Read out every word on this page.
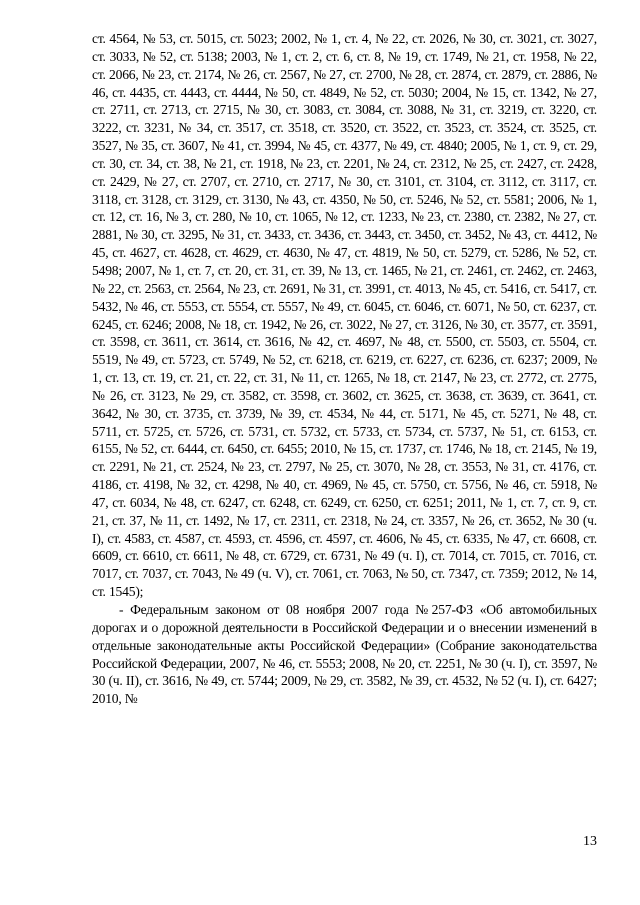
ст. 4564, № 53, ст. 5015, ст. 5023; 2002, № 1, ст. 4, № 22, ст. 2026, № 30, ст. 3021, ст. 3027, ст. 3033, № 52, ст. 5138; 2003, № 1, ст. 2, ст. 6, ст. 8, № 19, ст. 1749, № 21, ст. 1958, № 22, ст. 2066, № 23, ст. 2174, № 26, ст. 2567, № 27, ст. 2700, № 28, ст. 2874, ст. 2879, ст. 2886, № 46, ст. 4435, ст. 4443, ст. 4444, № 50, ст. 4849, № 52, ст. 5030; 2004, № 15, ст. 1342, № 27, ст. 2711, ст. 2713, ст. 2715, № 30, ст. 3083, ст. 3084, ст. 3088, № 31, ст. 3219, ст. 3220, ст. 3222, ст. 3231, № 34, ст. 3517, ст. 3518, ст. 3520, ст. 3522, ст. 3523, ст. 3524, ст. 3525, ст. 3527, № 35, ст. 3607, № 41, ст. 3994, № 45, ст. 4377, № 49, ст. 4840; 2005, № 1, ст. 9, ст. 29, ст. 30, ст. 34, ст. 38, № 21, ст. 1918, № 23, ст. 2201, № 24, ст. 2312, № 25, ст. 2427, ст. 2428, ст. 2429, № 27, ст. 2707, ст. 2710, ст. 2717, № 30, ст. 3101, ст. 3104, ст. 3112, ст. 3117, ст. 3118, ст. 3128, ст. 3129, ст. 3130, № 43, ст. 4350, № 50, ст. 5246, № 52, ст. 5581; 2006, № 1, ст. 12, ст. 16, № 3, ст. 280, № 10, ст. 1065, № 12, ст. 1233, № 23, ст. 2380, ст. 2382, № 27, ст. 2881, № 30, ст. 3295, № 31, ст. 3433, ст. 3436, ст. 3443, ст. 3450, ст. 3452, № 43, ст. 4412, № 45, ст. 4627, ст. 4628, ст. 4629, ст. 4630, № 47, ст. 4819, № 50, ст. 5279, ст. 5286, № 52, ст. 5498; 2007, № 1, ст. 7, ст. 20, ст. 31, ст. 39, № 13, ст. 1465, № 21, ст. 2461, ст. 2462, ст. 2463, № 22, ст. 2563, ст. 2564, № 23, ст. 2691, № 31, ст. 3991, ст. 4013, № 45, ст. 5416, ст. 5417, ст. 5432, № 46, ст. 5553, ст. 5554, ст. 5557, № 49, ст. 6045, ст. 6046, ст. 6071, № 50, ст. 6237, ст. 6245, ст. 6246; 2008, № 18, ст. 1942, № 26, ст. 3022, № 27, ст. 3126, № 30, ст. 3577, ст. 3591, ст. 3598, ст. 3611, ст. 3614, ст. 3616, № 42, ст. 4697, № 48, ст. 5500, ст. 5503, ст. 5504, ст. 5519, № 49, ст. 5723, ст. 5749, № 52, ст. 6218, ст. 6219, ст. 6227, ст. 6236, ст. 6237; 2009, № 1, ст. 13, ст. 19, ст. 21, ст. 22, ст. 31, № 11, ст. 1265, № 18, ст. 2147, № 23, ст. 2772, ст. 2775, № 26, ст. 3123, № 29, ст. 3582, ст. 3598, ст. 3602, ст. 3625, ст. 3638, ст. 3639, ст. 3641, ст. 3642, № 30, ст. 3735, ст. 3739, № 39, ст. 4534, № 44, ст. 5171, № 45, ст. 5271, № 48, ст. 5711, ст. 5725, ст. 5726, ст. 5731, ст. 5732, ст. 5733, ст. 5734, ст. 5737, № 51, ст. 6153, ст. 6155, № 52, ст. 6444, ст. 6450, ст. 6455; 2010, № 15, ст. 1737, ст. 1746, № 18, ст. 2145, № 19, ст. 2291, № 21, ст. 2524, № 23, ст. 2797, № 25, ст. 3070, № 28, ст. 3553, № 31, ст. 4176, ст. 4186, ст. 4198, № 32, ст. 4298, № 40, ст. 4969, № 45, ст. 5750, ст. 5756, № 46, ст. 5918, № 47, ст. 6034, № 48, ст. 6247, ст. 6248, ст. 6249, ст. 6250, ст. 6251; 2011, № 1, ст. 7, ст. 9, ст. 21, ст. 37, № 11, ст. 1492, № 17, ст. 2311, ст. 2318, № 24, ст. 3357, № 26, ст. 3652, № 30 (ч. I), ст. 4583, ст. 4587, ст. 4593, ст. 4596, ст. 4597, ст. 4606, № 45, ст. 6335, № 47, ст. 6608, ст. 6609, ст. 6610, ст. 6611, № 48, ст. 6729, ст. 6731, № 49 (ч. I), ст. 7014, ст. 7015, ст. 7016, ст. 7017, ст. 7037, ст. 7043, № 49 (ч. V), ст. 7061, ст. 7063, № 50, ст. 7347, ст. 7359; 2012, № 14, ст. 1545);

- Федеральным законом от 08 ноября 2007 года №257-ФЗ «Об автомобильных дорогах и о дорожной деятельности в Российской Федерации и о внесении изменений в отдельные законодательные акты Российской Федерации» (Собрание законодательства Российской Федерации, 2007, № 46, ст. 5553; 2008, № 20, ст. 2251, № 30 (ч. I), ст. 3597, № 30 (ч. II), ст. 3616, № 49, ст. 5744; 2009, № 29, ст. 3582, № 39, ст. 4532, № 52 (ч. I), ст. 6427; 2010, №

13
